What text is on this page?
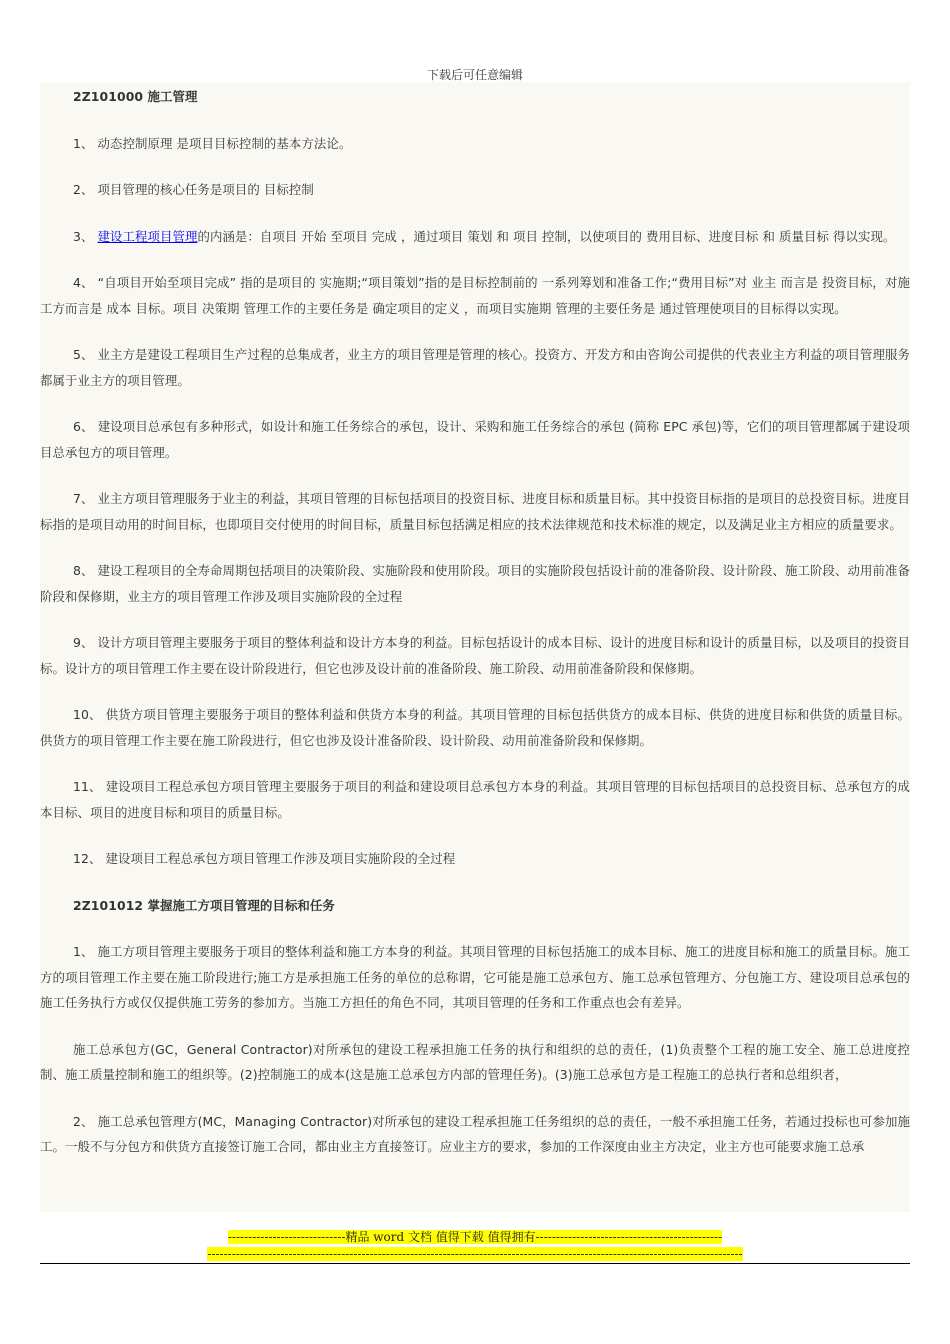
下载后可任意编辑

2Z101000 施工管理

1、 动态控制原理 是项目目标控制的基本方法论。

2、 项目管理的核心任务是项目的 目标控制

3、 建设工程项目管理的内涵是：自项目 开始 至项目 完成 ，通过项目 策划 和 项目 控制，以使项目的 费用目标、进度目标 和 质量目标 得以实现。

4、 “自项目开始至项目完成” 指的是项目的 实施期;“项目策划”指的是目标控制前的 一系列筹划和准备工作;“费用目标”对 业主 而言是 投资目标，对施工方而言是 成本 目标。项目 决策期 管理工作的主要任务是 确定项目的定义 ，而项目实施期 管理的主要任务是 通过管理使项目的目标得以实现。

5、 业主方是建设工程项目生产过程的总集成者，业主方的项目管理是管理的核心。投资方、开发方和由咨询公司提供的代表业主方利益的项目管理服务都属于业主方的项目管理。

6、 建设项目总承包有多种形式，如设计和施工任务综合的承包，设计、采购和施工任务综合的承包 (简称 EPC 承包)等，它们的项目管理都属于建设项目总承包方的项目管理。

7、 业主方项目管理服务于业主的利益，其项目管理的目标包括项目的投资目标、进度目标和质量目标。其中投资目标指的是项目的总投资目标。进度目标指的是项目动用的时间目标，也即项目交付使用的时间目标，质量目标包括满足相应的技术法律规范和技术标准的规定，以及满足业主方相应的质量要求。

8、 建设工程项目的全寿命周期包括项目的决策阶段、实施阶段和使用阶段。项目的实施阶段包括设计前的准备阶段、设计阶段、施工阶段、动用前准备阶段和保修期，业主方的项目管理工作涉及项目实施阶段的全过程

9、 设计方项目管理主要服务于项目的整体利益和设计方本身的利益。目标包括设计的成本目标、设计的进度目标和设计的质量目标，以及项目的投资目标。设计方的项目管理工作主要在设计阶段进行，但它也涉及设计前的准备阶段、施工阶段、动用前准备阶段和保修期。

10、 供货方项目管理主要服务于项目的整体利益和供货方本身的利益。其项目管理的目标包括供货方的成本目标、供货的进度目标和供货的质量目标。供货方的项目管理工作主要在施工阶段进行，但它也涉及设计准备阶段、设计阶段、动用前准备阶段和保修期。

11、 建设项目工程总承包方项目管理主要服务于项目的利益和建设项目总承包方本身的利益。其项目管理的目标包括项目的总投资目标、总承包方的成本目标、项目的进度目标和项目的质量目标。

12、 建设项目工程总承包方项目管理工作涉及项目实施阶段的全过程

2Z101012 掌握施工方项目管理的目标和任务

1、 施工方项目管理主要服务于项目的整体利益和施工方本身的利益。其项目管理的目标包括施工的成本目标、施工的进度目标和施工的质量目标。施工方的项目管理工作主要在施工阶段进行;施工方是承担施工任务的单位的总称谓，它可能是施工总承包方、施工总承包管理方、分包施工方、建设项目总承包的施工任务执行方或仅仅提供施工劳务的参加方。当施工方担任的角色不同，其项目管理的任务和工作重点也会有差异。

施工总承包方(GC，General Contractor)对所承包的建设工程承担施工任务的执行和组织的总的责任，(1)负责整个工程的施工安全、施工总进度控制、施工质量控制和施工的组织等。(2)控制施工的成本(这是施工总承包方内部的管理任务)。(3)施工总承包方是工程施工的总执行者和总组织者，

2、 施工总承包管理方(MC，Managing Contractor)对所承包的建设工程承担施工任务组织的总的责任，一般不承担施工任务，若通过投标也可参加施工。一般不与分包方和供货方直接签订施工合同，都由业主方直接签订。应业主方的要求，参加的工作深度由业主方决定，业主方也可能要求施工总承

-----------------------------精品 word 文档 值得下载 值得拥有----------------------------------------------
------------------------------------------------------------------------------------------------------------------------------------
